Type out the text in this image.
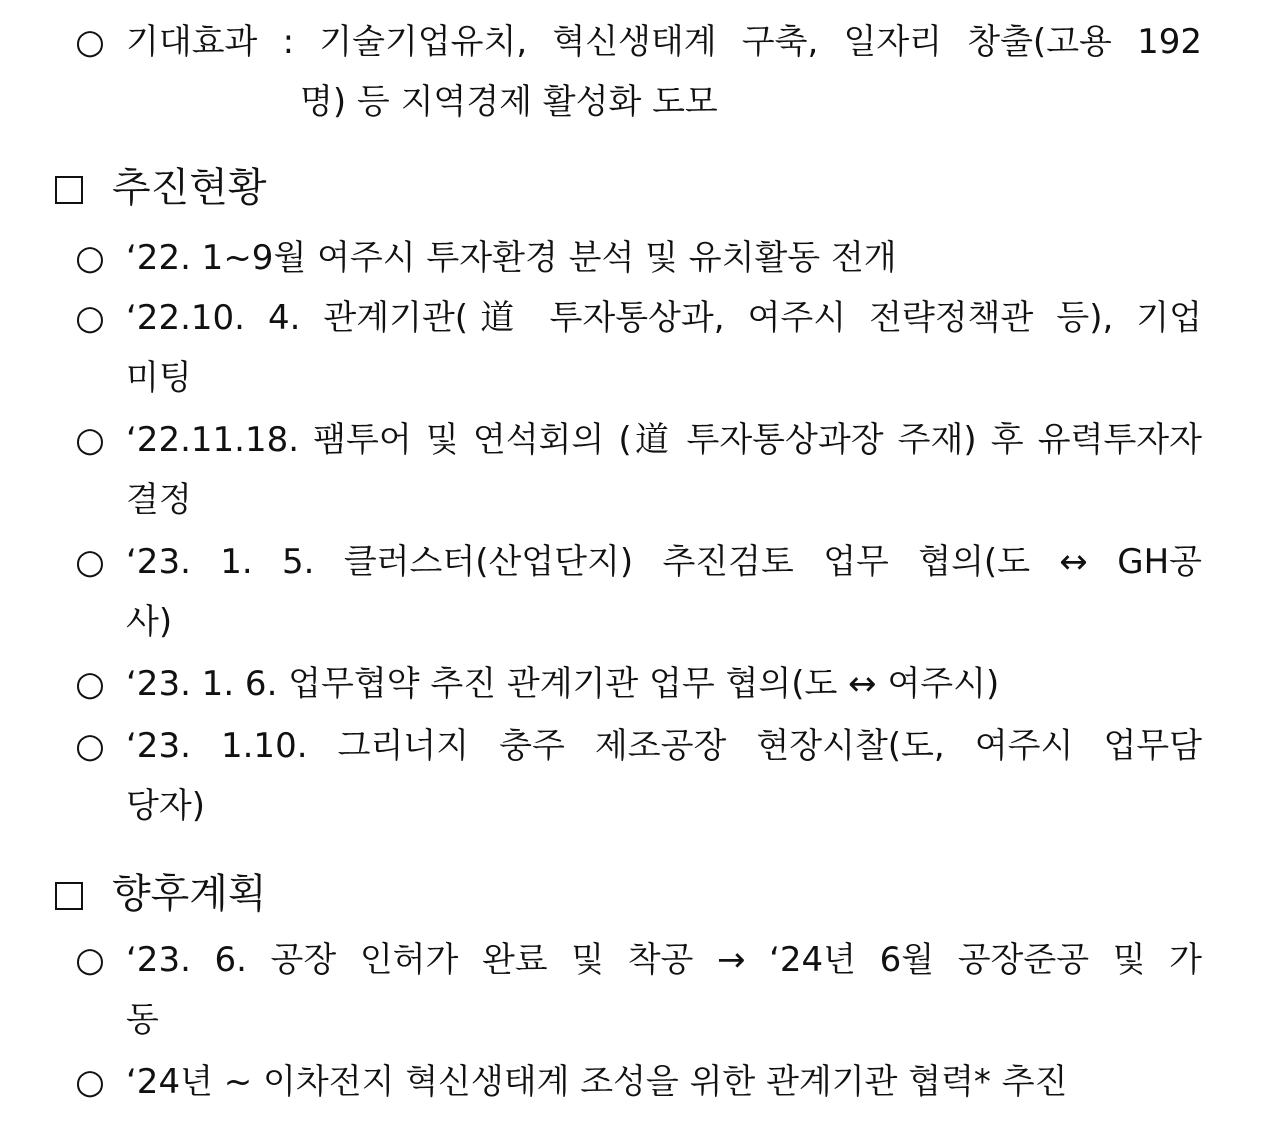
○ 기대효과 : 기술기업유치, 혁신생태계 구축, 일자리 창출(고용 192
명) 등 지역경제 활성화 도모
추진현황
○ ‘22. 1~9월 여주시 투자환경 분석 및 유치활동 전개
○ ‘22.10. 4. 관계기관(道 투자통상과, 여주시 전략정책관 등), 기업
미팅
○ ‘22.11.18. 팸투어 및 연석회의 (道 투자통상과장 주재) 후 유력투자자
결정
○ ‘23. 1. 5. 클러스터(산업단지) 추진검토 업무 협의(도 ↔ GH공
사)
○ ‘23. 1. 6. 업무협약 추진 관계기관 업무 협의(도 ↔ 여주시)
○ ‘23. 1.10. 그리너지 충주 제조공장 현장시찰(도, 여주시 업무담
당자)
향후계획
○ ‘23. 6. 공장 인허가 완료 및 착공 → ‘24년 6월 공장준공 및 가
동
○ ‘24년 ~ 이차전지 혁신생태계 조성을 위한 관계기관 협력* 추진
